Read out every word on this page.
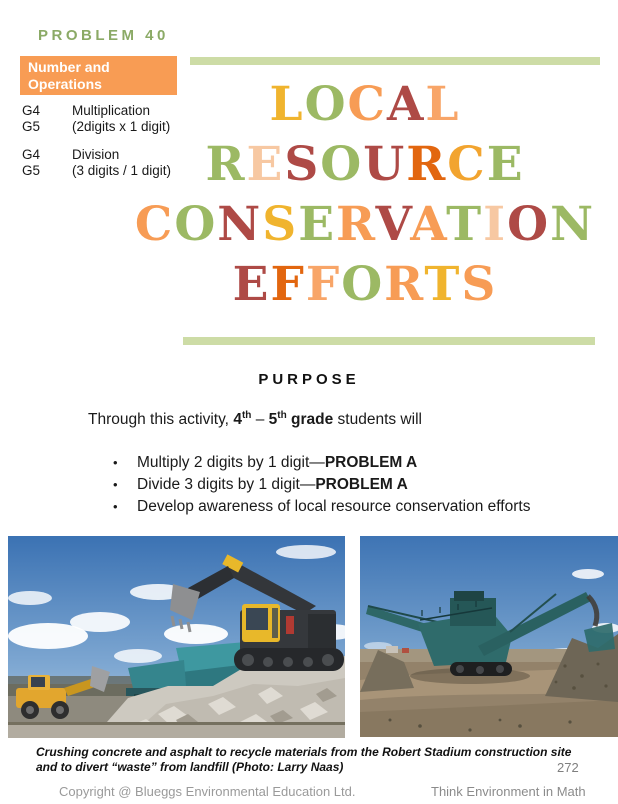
PROBLEM 40
Number and Operations
G4	Multiplication
G5	(2digits x 1 digit)
G4	Division
G5	(3 digits / 1 digit)
LOCAL
RESOURCE
CONSERVATION
EFFORTS
PURPOSE
Through this activity, 4th – 5th grade students will
•	Multiply 2 digits by 1 digit—PROBLEM A
•	Divide 3 digits by 1 digit—PROBLEM A
•	Develop awareness of local resource conservation efforts
Crushing concrete and asphalt to recycle materials from the Robert Stadium construction site
and to divert “waste” from landfill (Photo: Larry Naas)	272
Copyright @ Blueggs Environmental Education Ltd.	Think Environment in Math
